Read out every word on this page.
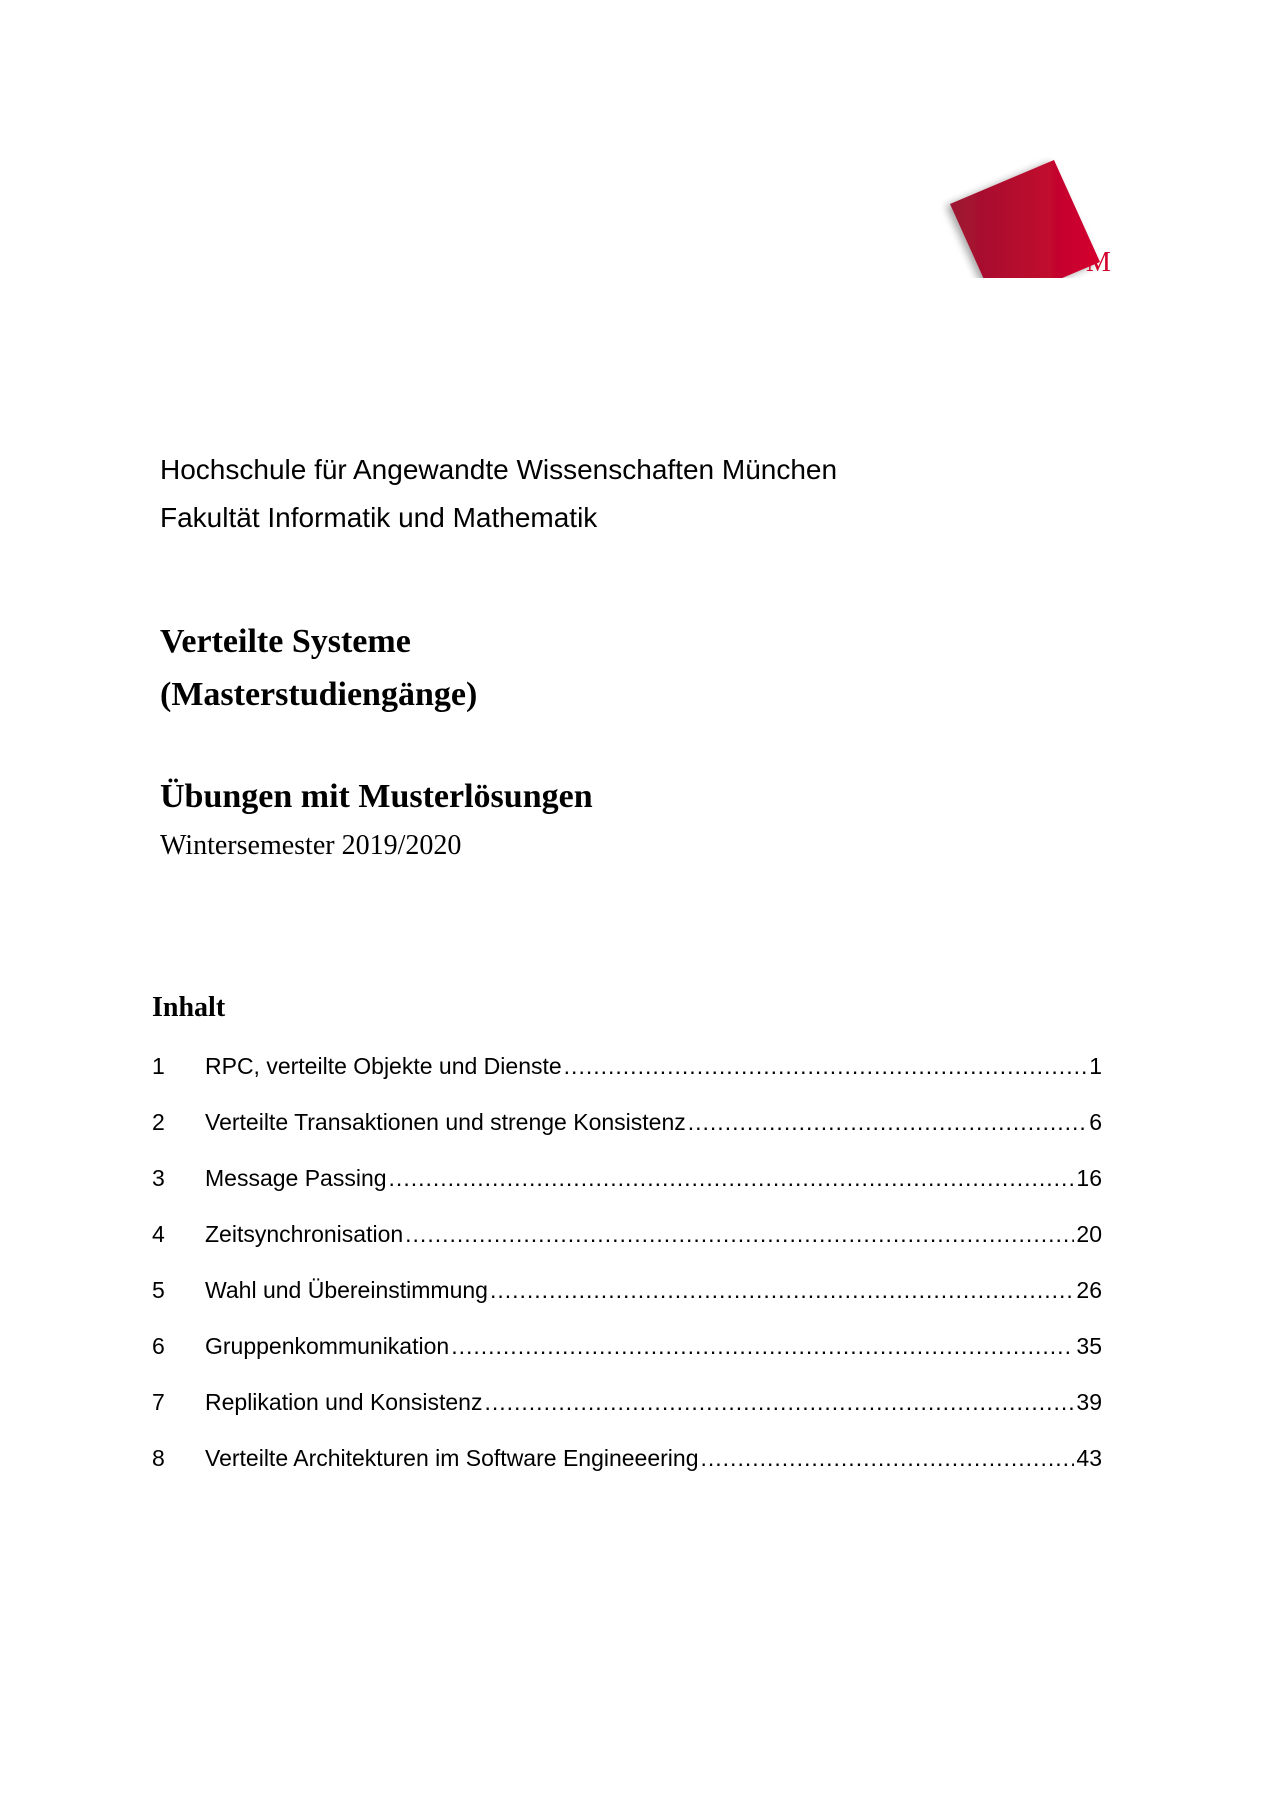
M
Hochschule für Angewandte Wissenschaften München
Fakultät Informatik und Mathematik
Verteilte Systeme
(Masterstudiengänge)
Übungen mit Musterlösungen
Wintersemester 2019/2020
Inhalt
1	RPC, verteilte Objekte und Dienste .....	1
2	Verteilte Transaktionen und strenge Konsistenz .....	6
3	Message Passing .....	16
4	Zeitsynchronisation .....	20
5	Wahl und Übereinstimmung .....	26
6	Gruppenkommunikation .....	35
7	Replikation und Konsistenz .....	39
8	Verteilte Architekturen im Software Engineeering .....	43
